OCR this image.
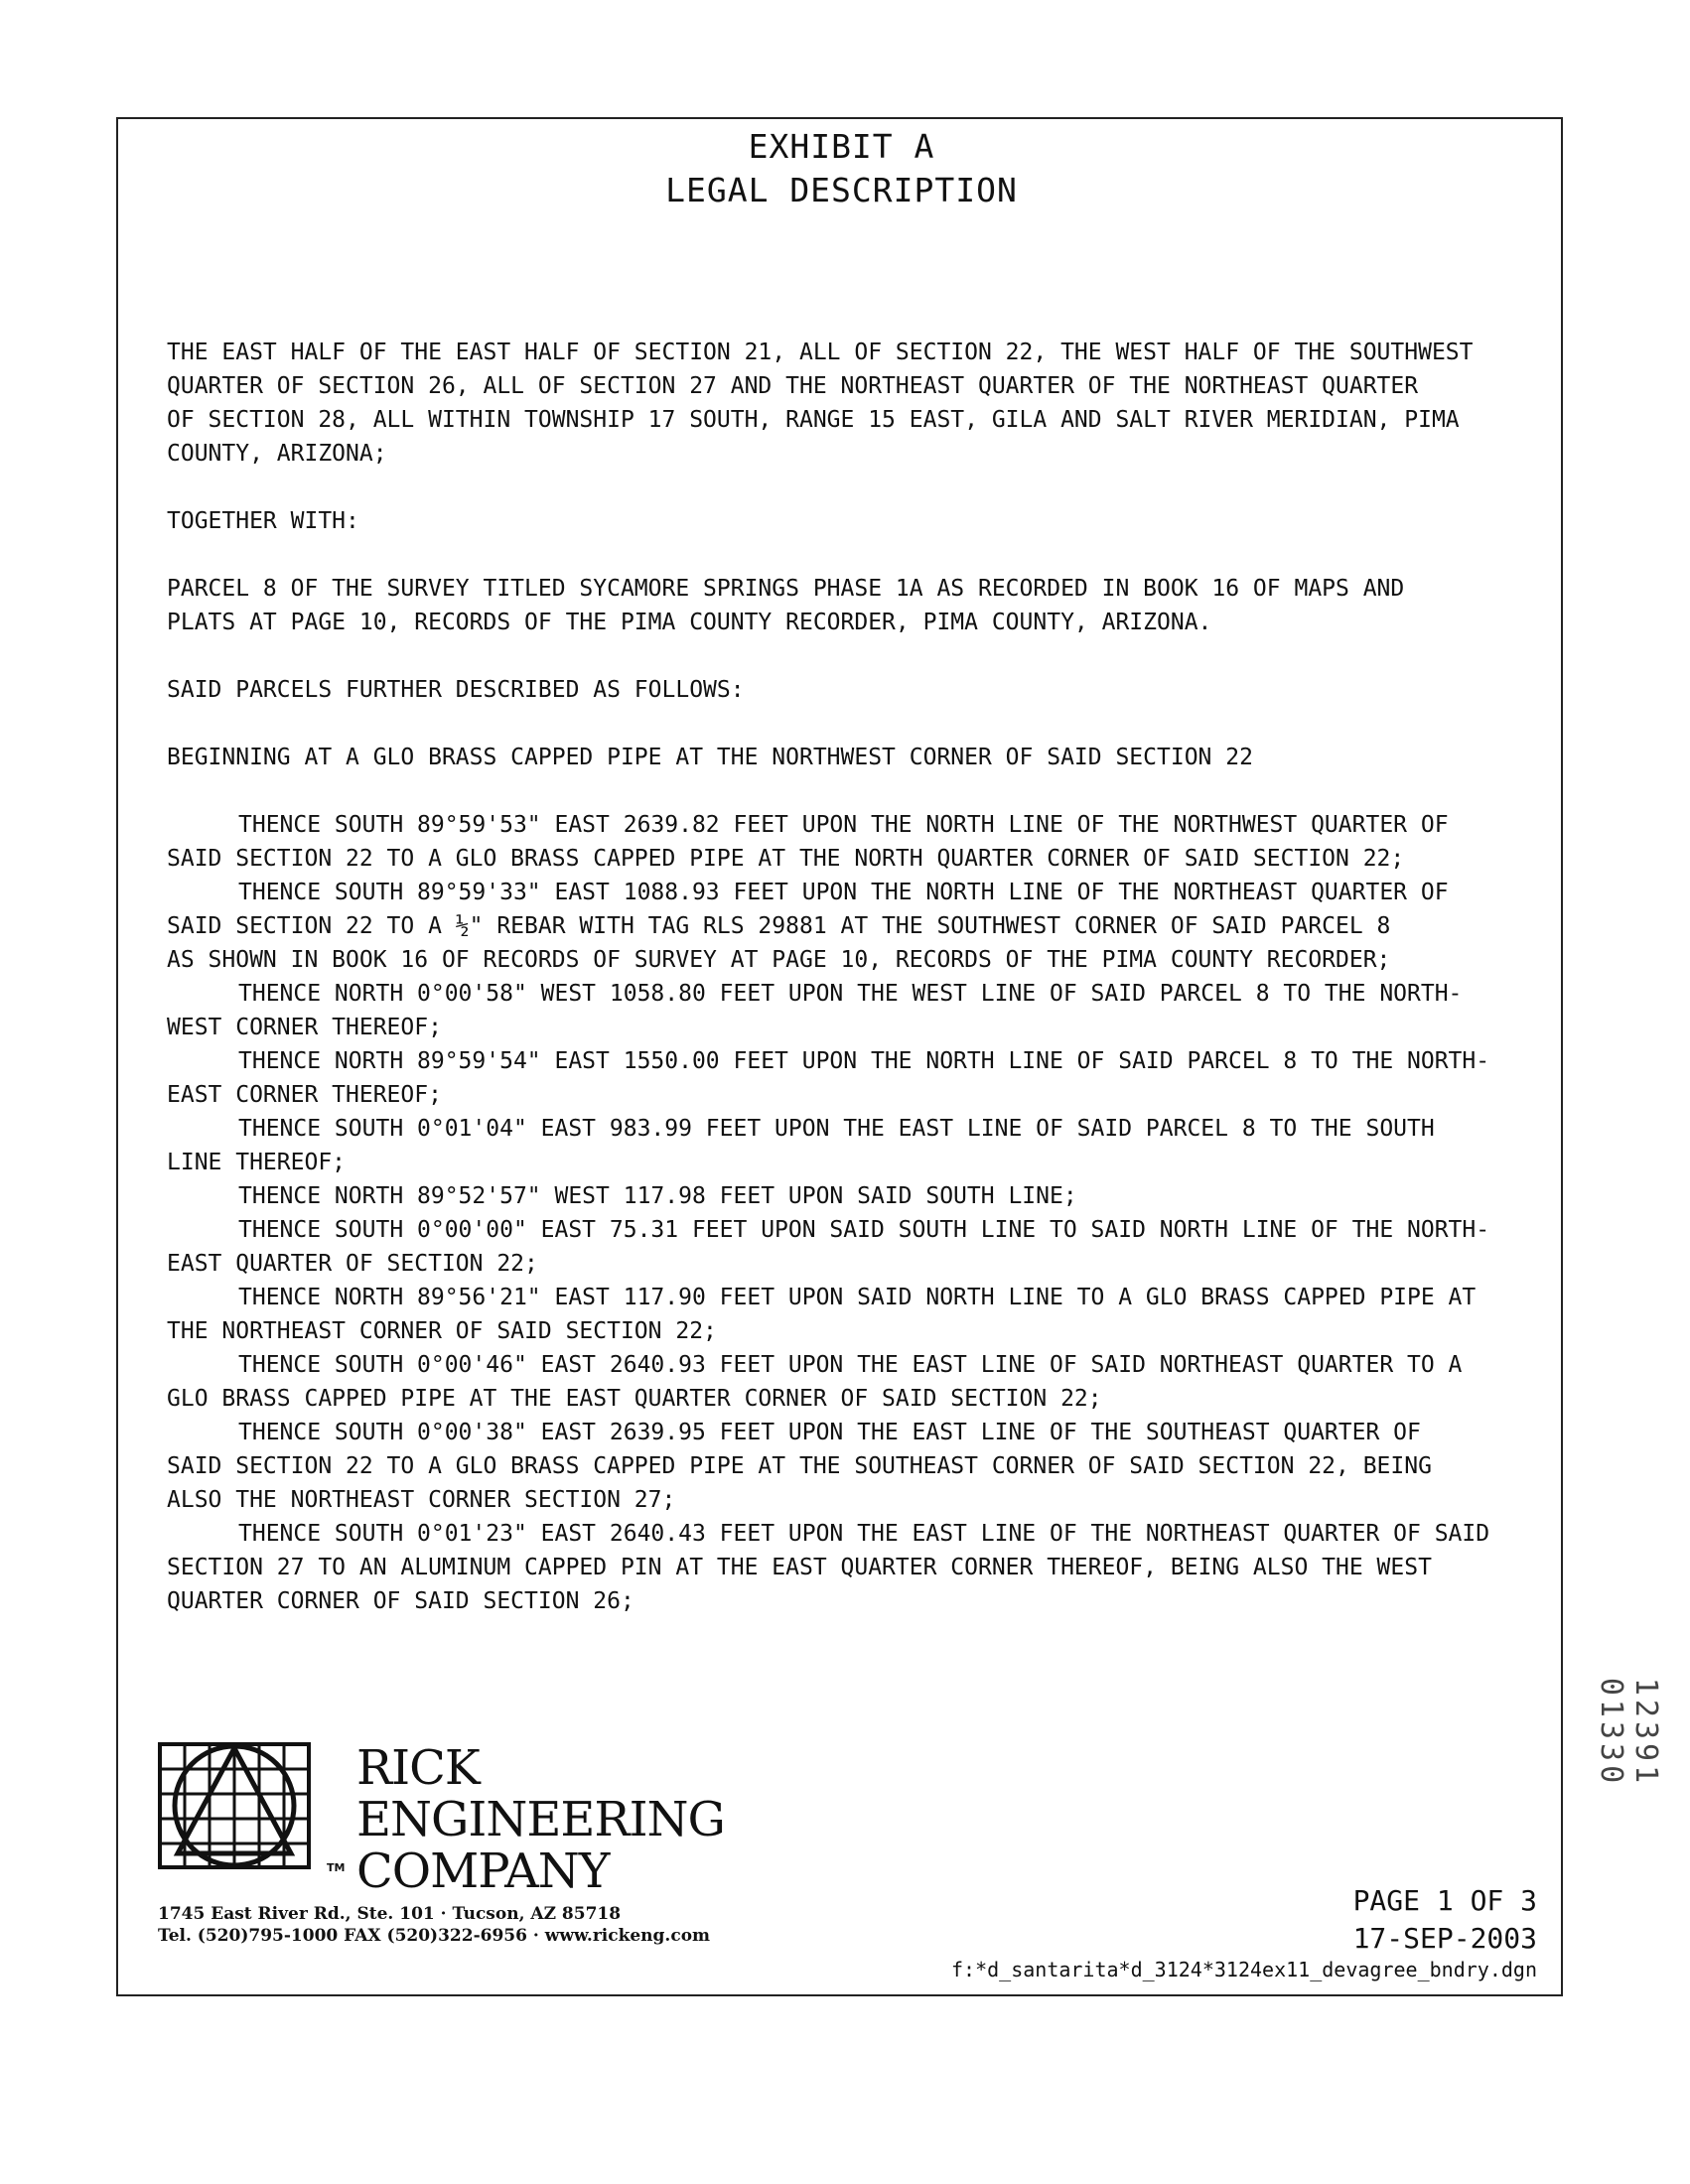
EXHIBIT A
LEGAL DESCRIPTION
THE EAST HALF OF THE EAST HALF OF SECTION 21, ALL OF SECTION 22, THE WEST HALF OF THE SOUTHWEST
QUARTER OF SECTION 26, ALL OF SECTION 27 AND THE NORTHEAST QUARTER OF THE NORTHEAST QUARTER
OF SECTION 28, ALL WITHIN TOWNSHIP 17 SOUTH, RANGE 15 EAST, GILA AND SALT RIVER MERIDIAN, PIMA
COUNTY, ARIZONA;
TOGETHER WITH:
PARCEL 8 OF THE SURVEY TITLED SYCAMORE SPRINGS PHASE 1A AS RECORDED IN BOOK 16 OF MAPS AND
PLATS AT PAGE 10, RECORDS OF THE PIMA COUNTY RECORDER, PIMA COUNTY, ARIZONA.
SAID PARCELS FURTHER DESCRIBED AS FOLLOWS:
BEGINNING AT A GLO BRASS CAPPED PIPE AT THE NORTHWEST CORNER OF SAID SECTION 22
THENCE SOUTH 89°59'53" EAST 2639.82 FEET UPON THE NORTH LINE OF THE NORTHWEST QUARTER OF
SAID SECTION 22 TO A GLO BRASS CAPPED PIPE AT THE NORTH QUARTER CORNER OF SAID SECTION 22;
THENCE SOUTH 89°59'33" EAST 1088.93 FEET UPON THE NORTH LINE OF THE NORTHEAST QUARTER OF
SAID SECTION 22 TO A ½" REBAR WITH TAG RLS 29881 AT THE SOUTHWEST CORNER OF SAID PARCEL 8
AS SHOWN IN BOOK 16 OF RECORDS OF SURVEY AT PAGE 10, RECORDS OF THE PIMA COUNTY RECORDER;
THENCE NORTH 0°00'58" WEST 1058.80 FEET UPON THE WEST LINE OF SAID PARCEL 8 TO THE NORTH-
WEST CORNER THEREOF;
THENCE NORTH 89°59'54" EAST 1550.00 FEET UPON THE NORTH LINE OF SAID PARCEL 8 TO THE NORTH-
EAST CORNER THEREOF;
THENCE SOUTH 0°01'04" EAST 983.99 FEET UPON THE EAST LINE OF SAID PARCEL 8 TO THE SOUTH
LINE THEREOF;
THENCE NORTH 89°52'57" WEST 117.98 FEET UPON SAID SOUTH LINE;
THENCE SOUTH 0°00'00" EAST 75.31 FEET UPON SAID SOUTH LINE TO SAID NORTH LINE OF THE NORTH-
EAST QUARTER OF SECTION 22;
THENCE NORTH 89°56'21" EAST 117.90 FEET UPON SAID NORTH LINE TO A GLO BRASS CAPPED PIPE AT
THE NORTHEAST CORNER OF SAID SECTION 22;
THENCE SOUTH 0°00'46" EAST 2640.93 FEET UPON THE EAST LINE OF SAID NORTHEAST QUARTER TO A
GLO BRASS CAPPED PIPE AT THE EAST QUARTER CORNER OF SAID SECTION 22;
THENCE SOUTH 0°00'38" EAST 2639.95 FEET UPON THE EAST LINE OF THE SOUTHEAST QUARTER OF
SAID SECTION 22 TO A GLO BRASS CAPPED PIPE AT THE SOUTHEAST CORNER OF SAID SECTION 22, BEING
ALSO THE NORTHEAST CORNER SECTION 27;
THENCE SOUTH 0°01'23" EAST 2640.43 FEET UPON THE EAST LINE OF THE NORTHEAST QUARTER OF SAID
SECTION 27 TO AN ALUMINUM CAPPED PIN AT THE EAST QUARTER CORNER THEREOF, BEING ALSO THE WEST
QUARTER CORNER OF SAID SECTION 26;
RICK
ENGINEERING
COMPANY
TM
1745 East River Rd., Ste. 101 · Tucson, AZ 85718
Tel. (520)795-1000 FAX (520)322-6956 · www.rickeng.com
PAGE 1 OF 3
17-SEP-2003
f:*d_santarita*d_3124*3124ex11_devagree_bndry.dgn
12391 01330
